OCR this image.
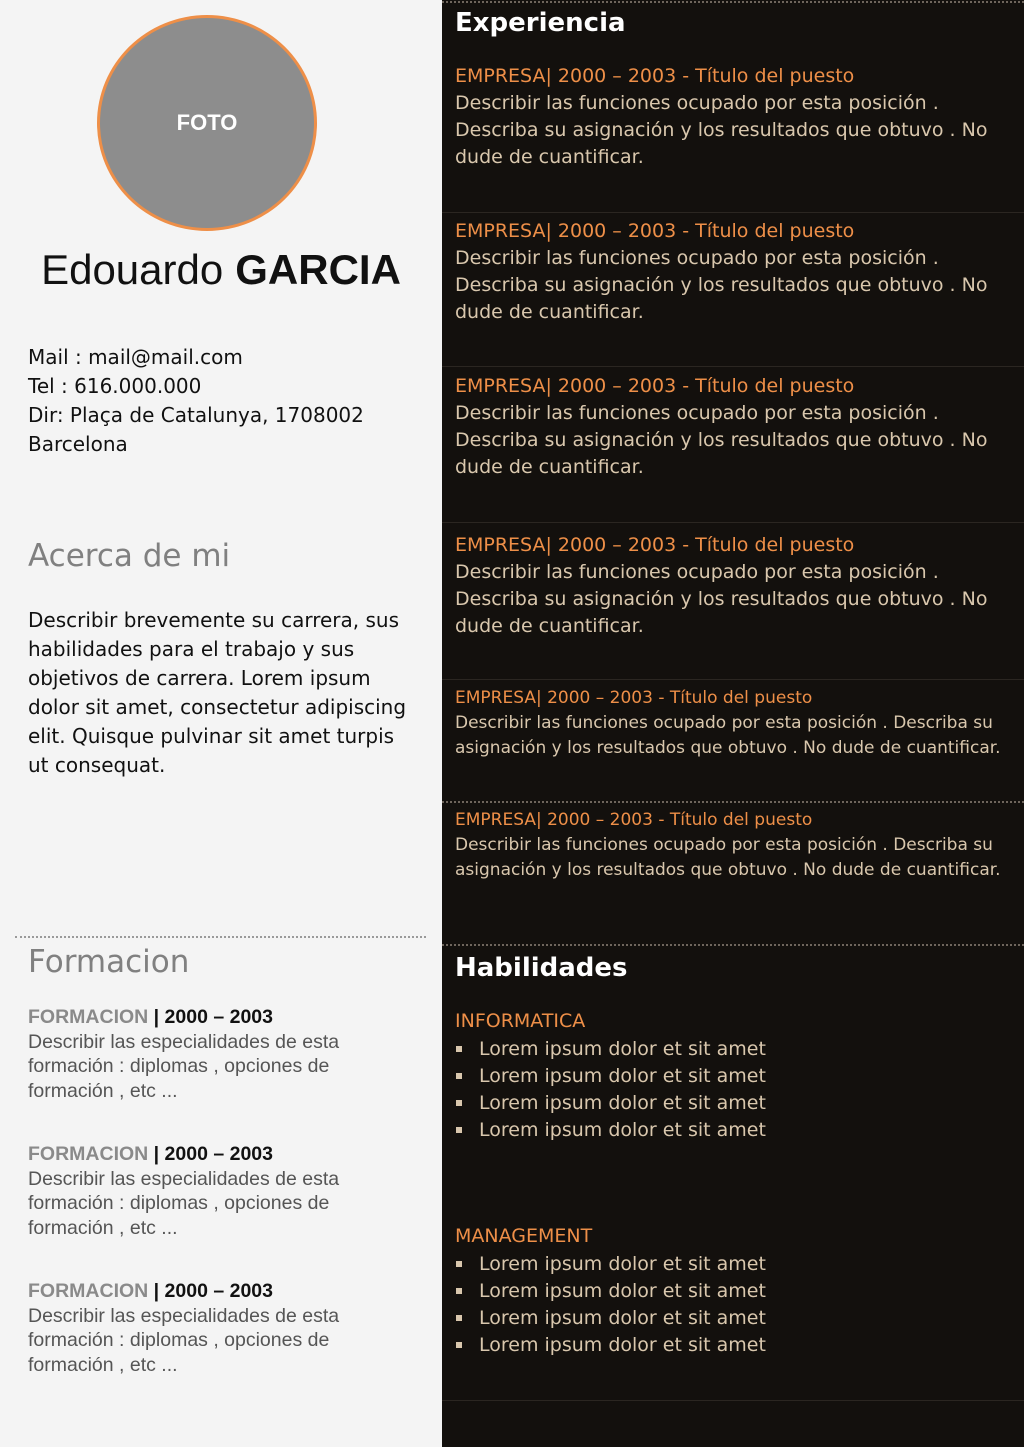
FOTO
Edouardo GARCIA
Mail : mail@mail.com
Tel : 616.000.000
Dir: Plaça de Catalunya, 1708002
Barcelona
Acerca de mi
Describir brevemente su carrera, sus habilidades para el trabajo y sus objetivos de carrera. Lorem ipsum dolor sit amet, consectetur adipiscing elit. Quisque pulvinar sit amet turpis ut consequat.
Formacion
FORMACION | 2000 – 2003
Describir las especialidades de esta formación : diplomas , opciones de formación , etc ...
FORMACION | 2000 – 2003
Describir las especialidades de esta formación : diplomas , opciones de formación , etc ...
FORMACION | 2000 – 2003
Describir las especialidades de esta formación : diplomas , opciones de formación , etc ...
Experiencia
EMPRESA| 2000 – 2003 - Título del puesto
Describir las funciones ocupado por esta posición . Describa su asignación y los resultados que obtuvo . No dude de cuantificar.
EMPRESA| 2000 – 2003 - Título del puesto
Describir las funciones ocupado por esta posición . Describa su asignación y los resultados que obtuvo . No dude de cuantificar.
EMPRESA| 2000 – 2003 - Título del puesto
Describir las funciones ocupado por esta posición . Describa su asignación y los resultados que obtuvo . No dude de cuantificar.
EMPRESA| 2000 – 2003 - Título del puesto
Describir las funciones ocupado por esta posición . Describa su asignación y los resultados que obtuvo . No dude de cuantificar.
EMPRESA| 2000 – 2003 - Título del puesto
Describir las funciones ocupado por esta posición . Describa su asignación y los resultados que obtuvo . No dude de cuantificar.
EMPRESA| 2000 – 2003 - Título del puesto
Describir las funciones ocupado por esta posición . Describa su asignación y los resultados que obtuvo . No dude de cuantificar.
Habilidades
INFORMATICA
Lorem ipsum dolor et sit amet
Lorem ipsum dolor et sit amet
Lorem ipsum dolor et sit amet
Lorem ipsum dolor et sit amet
MANAGEMENT
Lorem ipsum dolor et sit amet
Lorem ipsum dolor et sit amet
Lorem ipsum dolor et sit amet
Lorem ipsum dolor et sit amet
